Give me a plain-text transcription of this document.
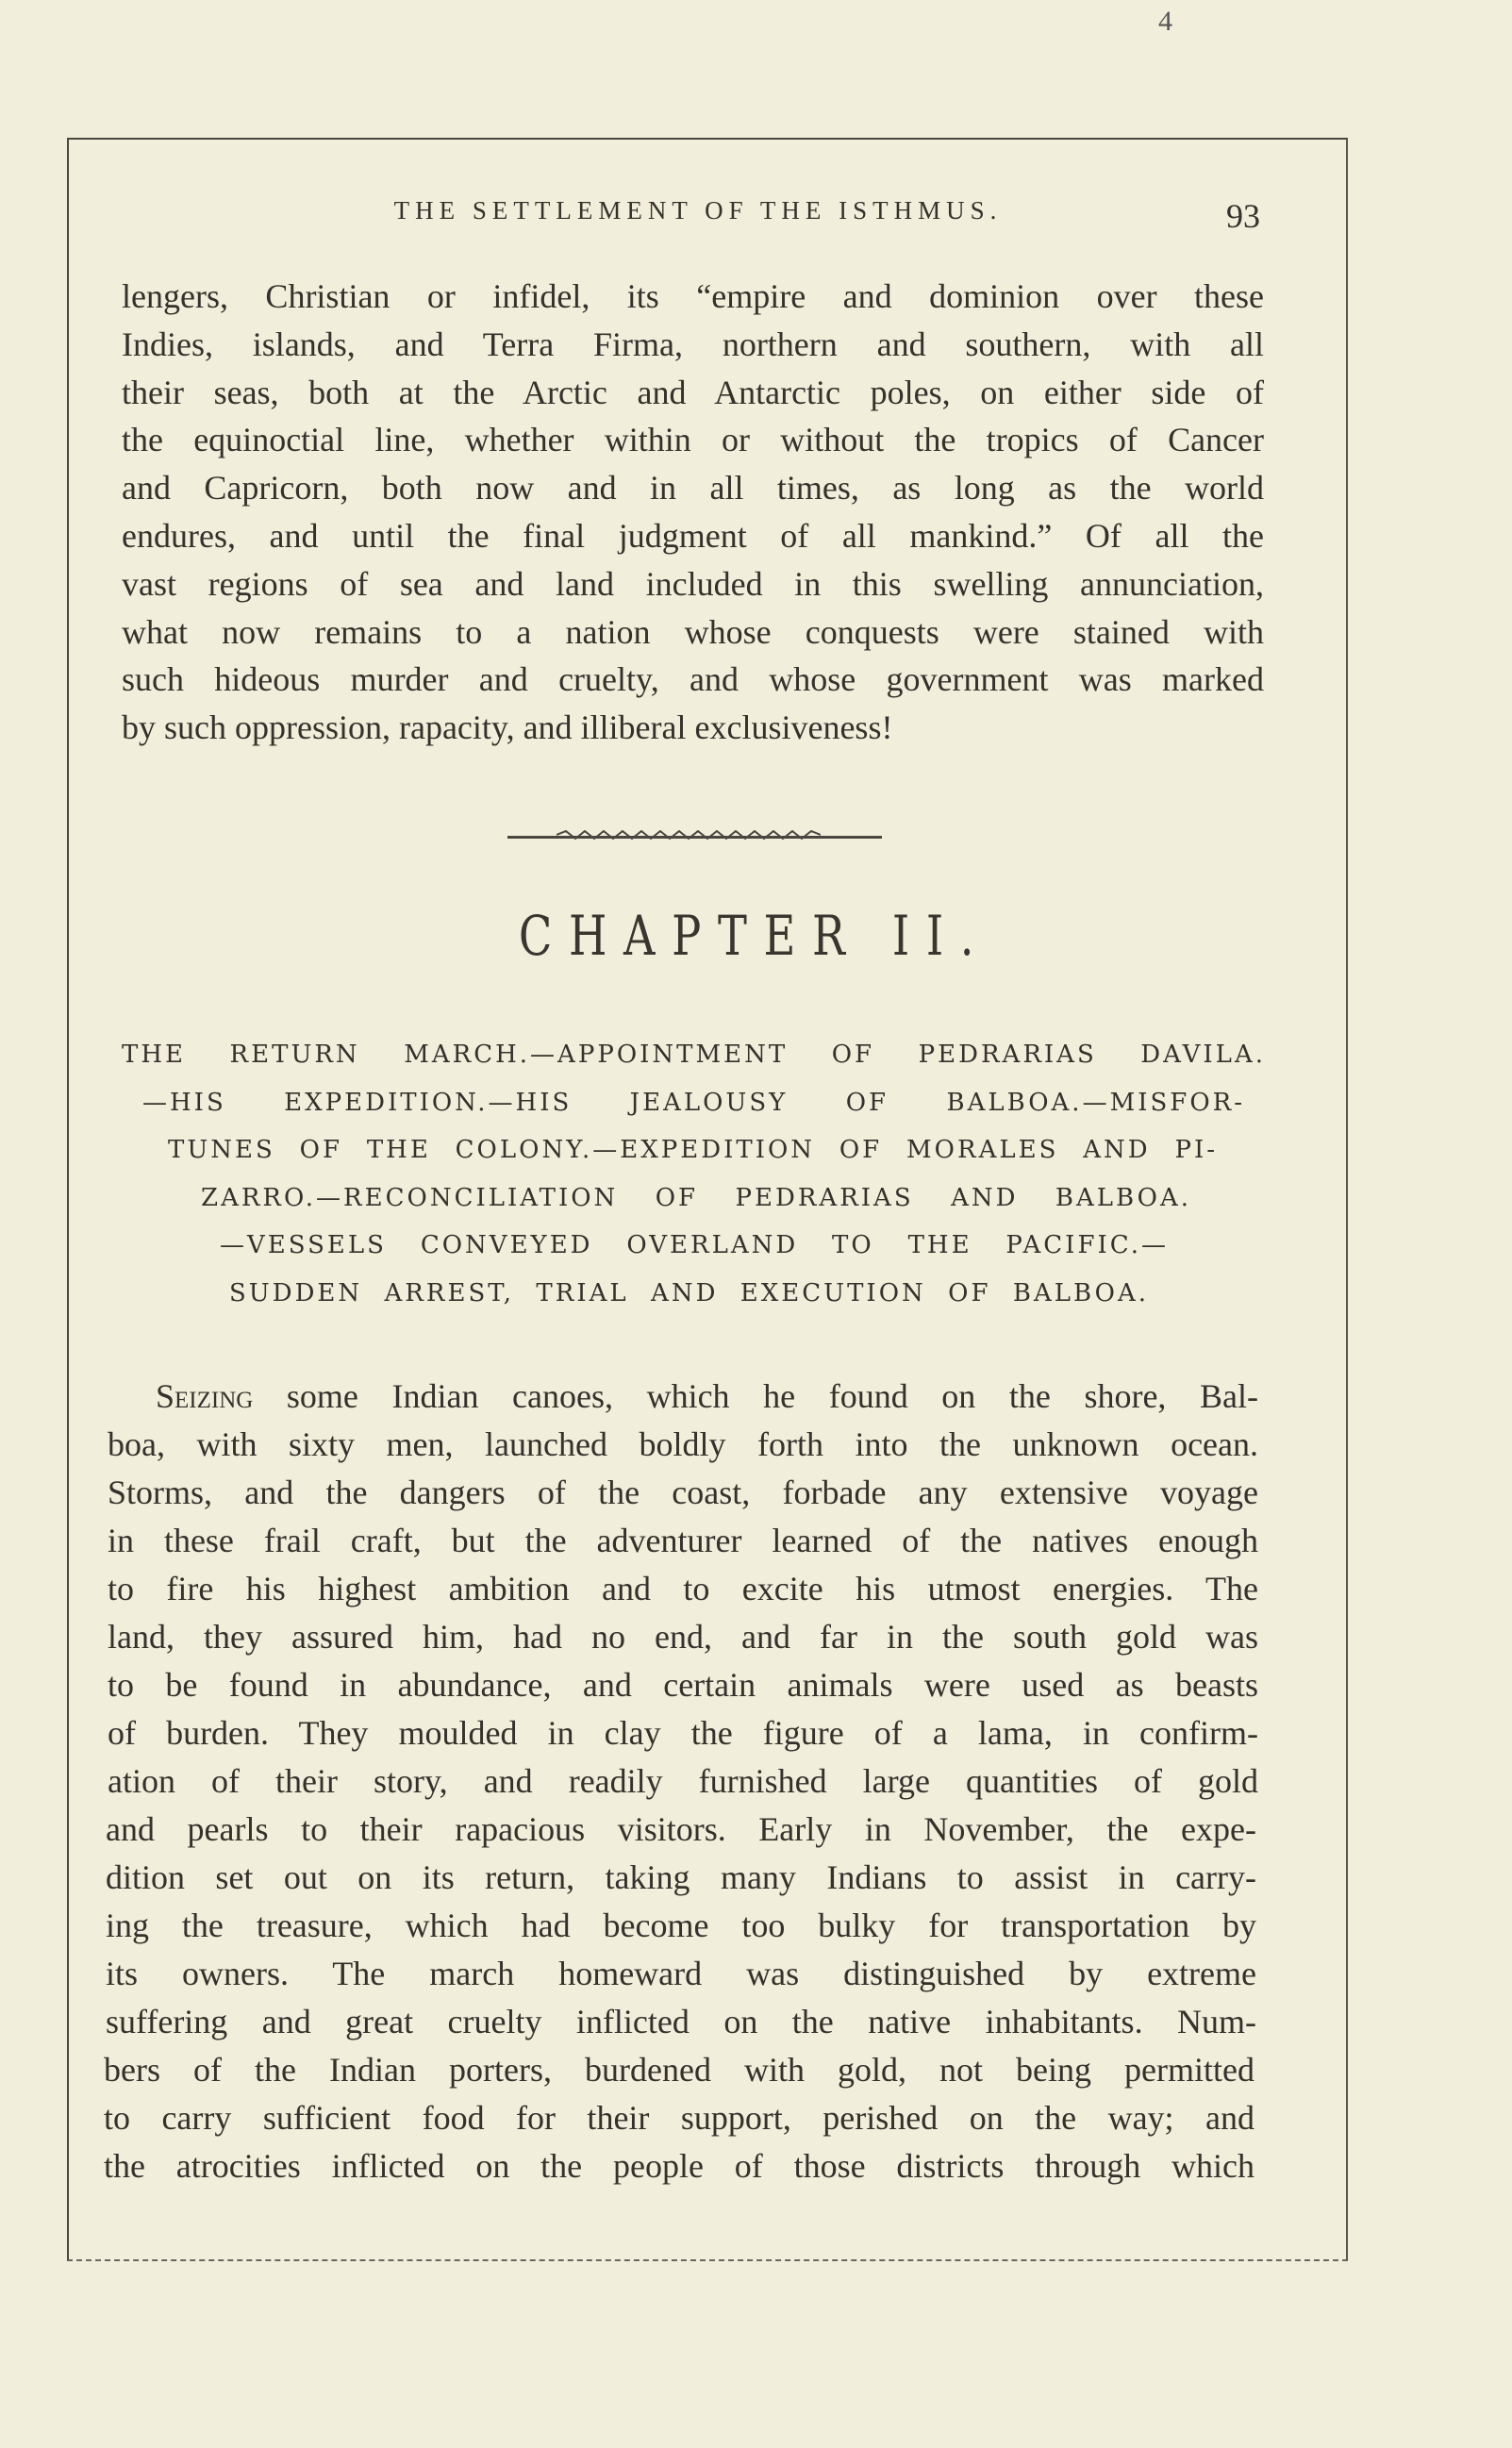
4
THE SETTLEMENT OF THE ISTHMUS.	93
lengers, Christian or infidel, its “empire and dominion over these
Indies, islands, and Terra Firma, northern and southern, with all
their seas, both at the Arctic and Antarctic poles, on either side of
the equinoctial line, whether within or without the tropics of Cancer
and Capricorn, both now and in all times, as long as the world
endures, and until the final judgment of all mankind.” Of all the
vast regions of sea and land included in this swelling annunciation,
what now remains to a nation whose conquests were stained with
such hideous murder and cruelty, and whose government was marked
by such oppression, rapacity, and illiberal exclusiveness!
CHAPTER II.
THE RETURN MARCH.—APPOINTMENT OF PEDRARIAS DAVILA.
—HIS EXPEDITION.—HIS JEALOUSY OF BALBOA.—MISFOR-
TUNES OF THE COLONY.—EXPEDITION OF MORALES AND PI-
ZARRO.—RECONCILIATION OF PEDRARIAS AND BALBOA.
—VESSELS CONVEYED OVERLAND TO THE PACIFIC.—
SUDDEN ARREST, TRIAL AND EXECUTION OF BALBOA.
Seizing some Indian canoes, which he found on the shore, Bal-
boa, with sixty men, launched boldly forth into the unknown ocean.
Storms, and the dangers of the coast, forbade any extensive voyage
in these frail craft, but the adventurer learned of the natives enough
to fire his highest ambition and to excite his utmost energies. The
land, they assured him, had no end, and far in the south gold was
to be found in abundance, and certain animals were used as beasts
of burden. They moulded in clay the figure of a lama, in confirm-
ation of their story, and readily furnished large quantities of gold
and pearls to their rapacious visitors. Early in November, the expe-
dition set out on its return, taking many Indians to assist in carry-
ing the treasure, which had become too bulky for transportation by
its owners. The march homeward was distinguished by extreme
suffering and great cruelty inflicted on the native inhabitants. Num-
bers of the Indian porters, burdened with gold, not being permitted
to carry sufficient food for their support, perished on the way; and
the atrocities inflicted on the people of those districts through which
